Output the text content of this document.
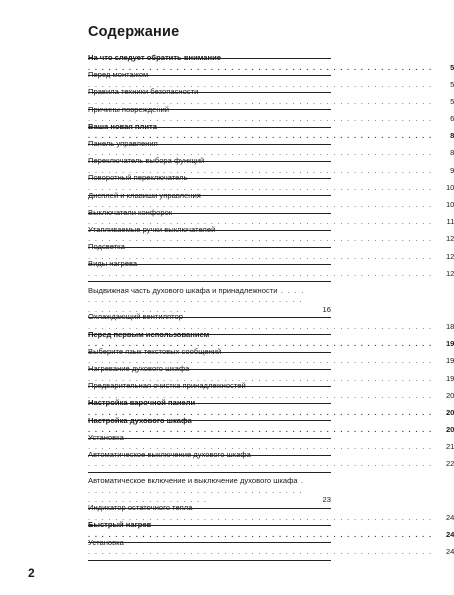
Содержание
На что следует обратить внимание . . . . . . . . . . . . . . . . . . . . . . . . . . . . . . . . . . . . . . . . . . . . . . . . . . .	5
Перед монтажом . . . . . . . . . . . . . . . . . . . . . . . . . . . . . . . . . . . . . . . . . . . . . . . . . . .	5
Правила техники безопасности . . . . . . . . . . . . . . . . . . . . . . . . . . . . . . . . . . . . . . . . . . . . . . . . . . .	5
Причины повреждений . . . . . . . . . . . . . . . . . . . . . . . . . . . . . . . . . . . . . . . . . . . . . . . . . . .	6
Ваша новая плита . . . . . . . . . . . . . . . . . . . . . . . . . . . . . . . . . . . . . . . . . . . . . . . . . . .	8
Панель управления . . . . . . . . . . . . . . . . . . . . . . . . . . . . . . . . . . . . . . . . . . . . . . . . . . .	8
Переключатель выбора функций . . . . . . . . . . . . . . . . . . . . . . . . . . . . . . . . . . . . . . . . . . . . . . . . . . .	9
Поворотный переключатель . . . . . . . . . . . . . . . . . . . . . . . . . . . . . . . . . . . . . . . . . . . . . . . . . . .	10
Дисплей и клавиши управления . . . . . . . . . . . . . . . . . . . . . . . . . . . . . . . . . . . . . . . . . . . . . . . . . . .	10
Выключатели конфорок . . . . . . . . . . . . . . . . . . . . . . . . . . . . . . . . . . . . . . . . . . . . . . . . . . .	11
Утапливаемые ручки выключателей . . . . . . . . . . . . . . . . . . . . . . . . . . . . . . . . . . . . . . . . . . . . . . . . . . .	12
Подсветка . . . . . . . . . . . . . . . . . . . . . . . . . . . . . . . . . . . . . . . . . . . . . . . . . . .	12
Виды нагрева . . . . . . . . . . . . . . . . . . . . . . . . . . . . . . . . . . . . . . . . . . . . . . . . . . .	12
Выдвижная часть духового шкафа и принадлежности . . . . . . . . . . . . . . . . . . . . . . . . . . . . . . . . . . . . . . . . . . . . . . . . . . .	16
Охлаждающий вентилятор . . . . . . . . . . . . . . . . . . . . . . . . . . . . . . . . . . . . . . . . . . . . . . . . . . .	18
Перед первым использованием . . . . . . . . . . . . . . . . . . . . . . . . . . . . . . . . . . . . . . . . . . . . . . . . . . .	19
Выберите язык текстовых сообщений . . . . . . . . . . . . . . . . . . . . . . . . . . . . . . . . . . . . . . . . . . . . . . . . . . .	19
Нагревание духового шкафа . . . . . . . . . . . . . . . . . . . . . . . . . . . . . . . . . . . . . . . . . . . . . . . . . . .	19
Предварительная очистка принадлежностей . . . . . . . . . . . . . . . . . . . . . . . . . . . . . . . . . . . . . . . . . . . . . . . . . . .	20
Настройка варочной панели . . . . . . . . . . . . . . . . . . . . . . . . . . . . . . . . . . . . . . . . . . . . . . . . . . .	20
Настройка духового шкафа . . . . . . . . . . . . . . . . . . . . . . . . . . . . . . . . . . . . . . . . . . . . . . . . . . .	20
Установка . . . . . . . . . . . . . . . . . . . . . . . . . . . . . . . . . . . . . . . . . . . . . . . . . . .	21
Автоматическое выключение духового шкафа . . . . . . . . . . . . . . . . . . . . . . . . . . . . . . . . . . . . . . . . . . . . . . . . . . .	22
Автоматическое включение и выключение духового шкафа . . . . . . . . . . . . . . . . . . . . . . . . . . . . . . . . . . . . . . . . . . . . . . . . . . .	23
Индикатор остаточного тепла . . . . . . . . . . . . . . . . . . . . . . . . . . . . . . . . . . . . . . . . . . . . . . . . . . .	24
Быстрый нагрев . . . . . . . . . . . . . . . . . . . . . . . . . . . . . . . . . . . . . . . . . . . . . . . . . . .	24
Установка . . . . . . . . . . . . . . . . . . . . . . . . . . . . . . . . . . . . . . . . . . . . . . . . . . .	24
2
